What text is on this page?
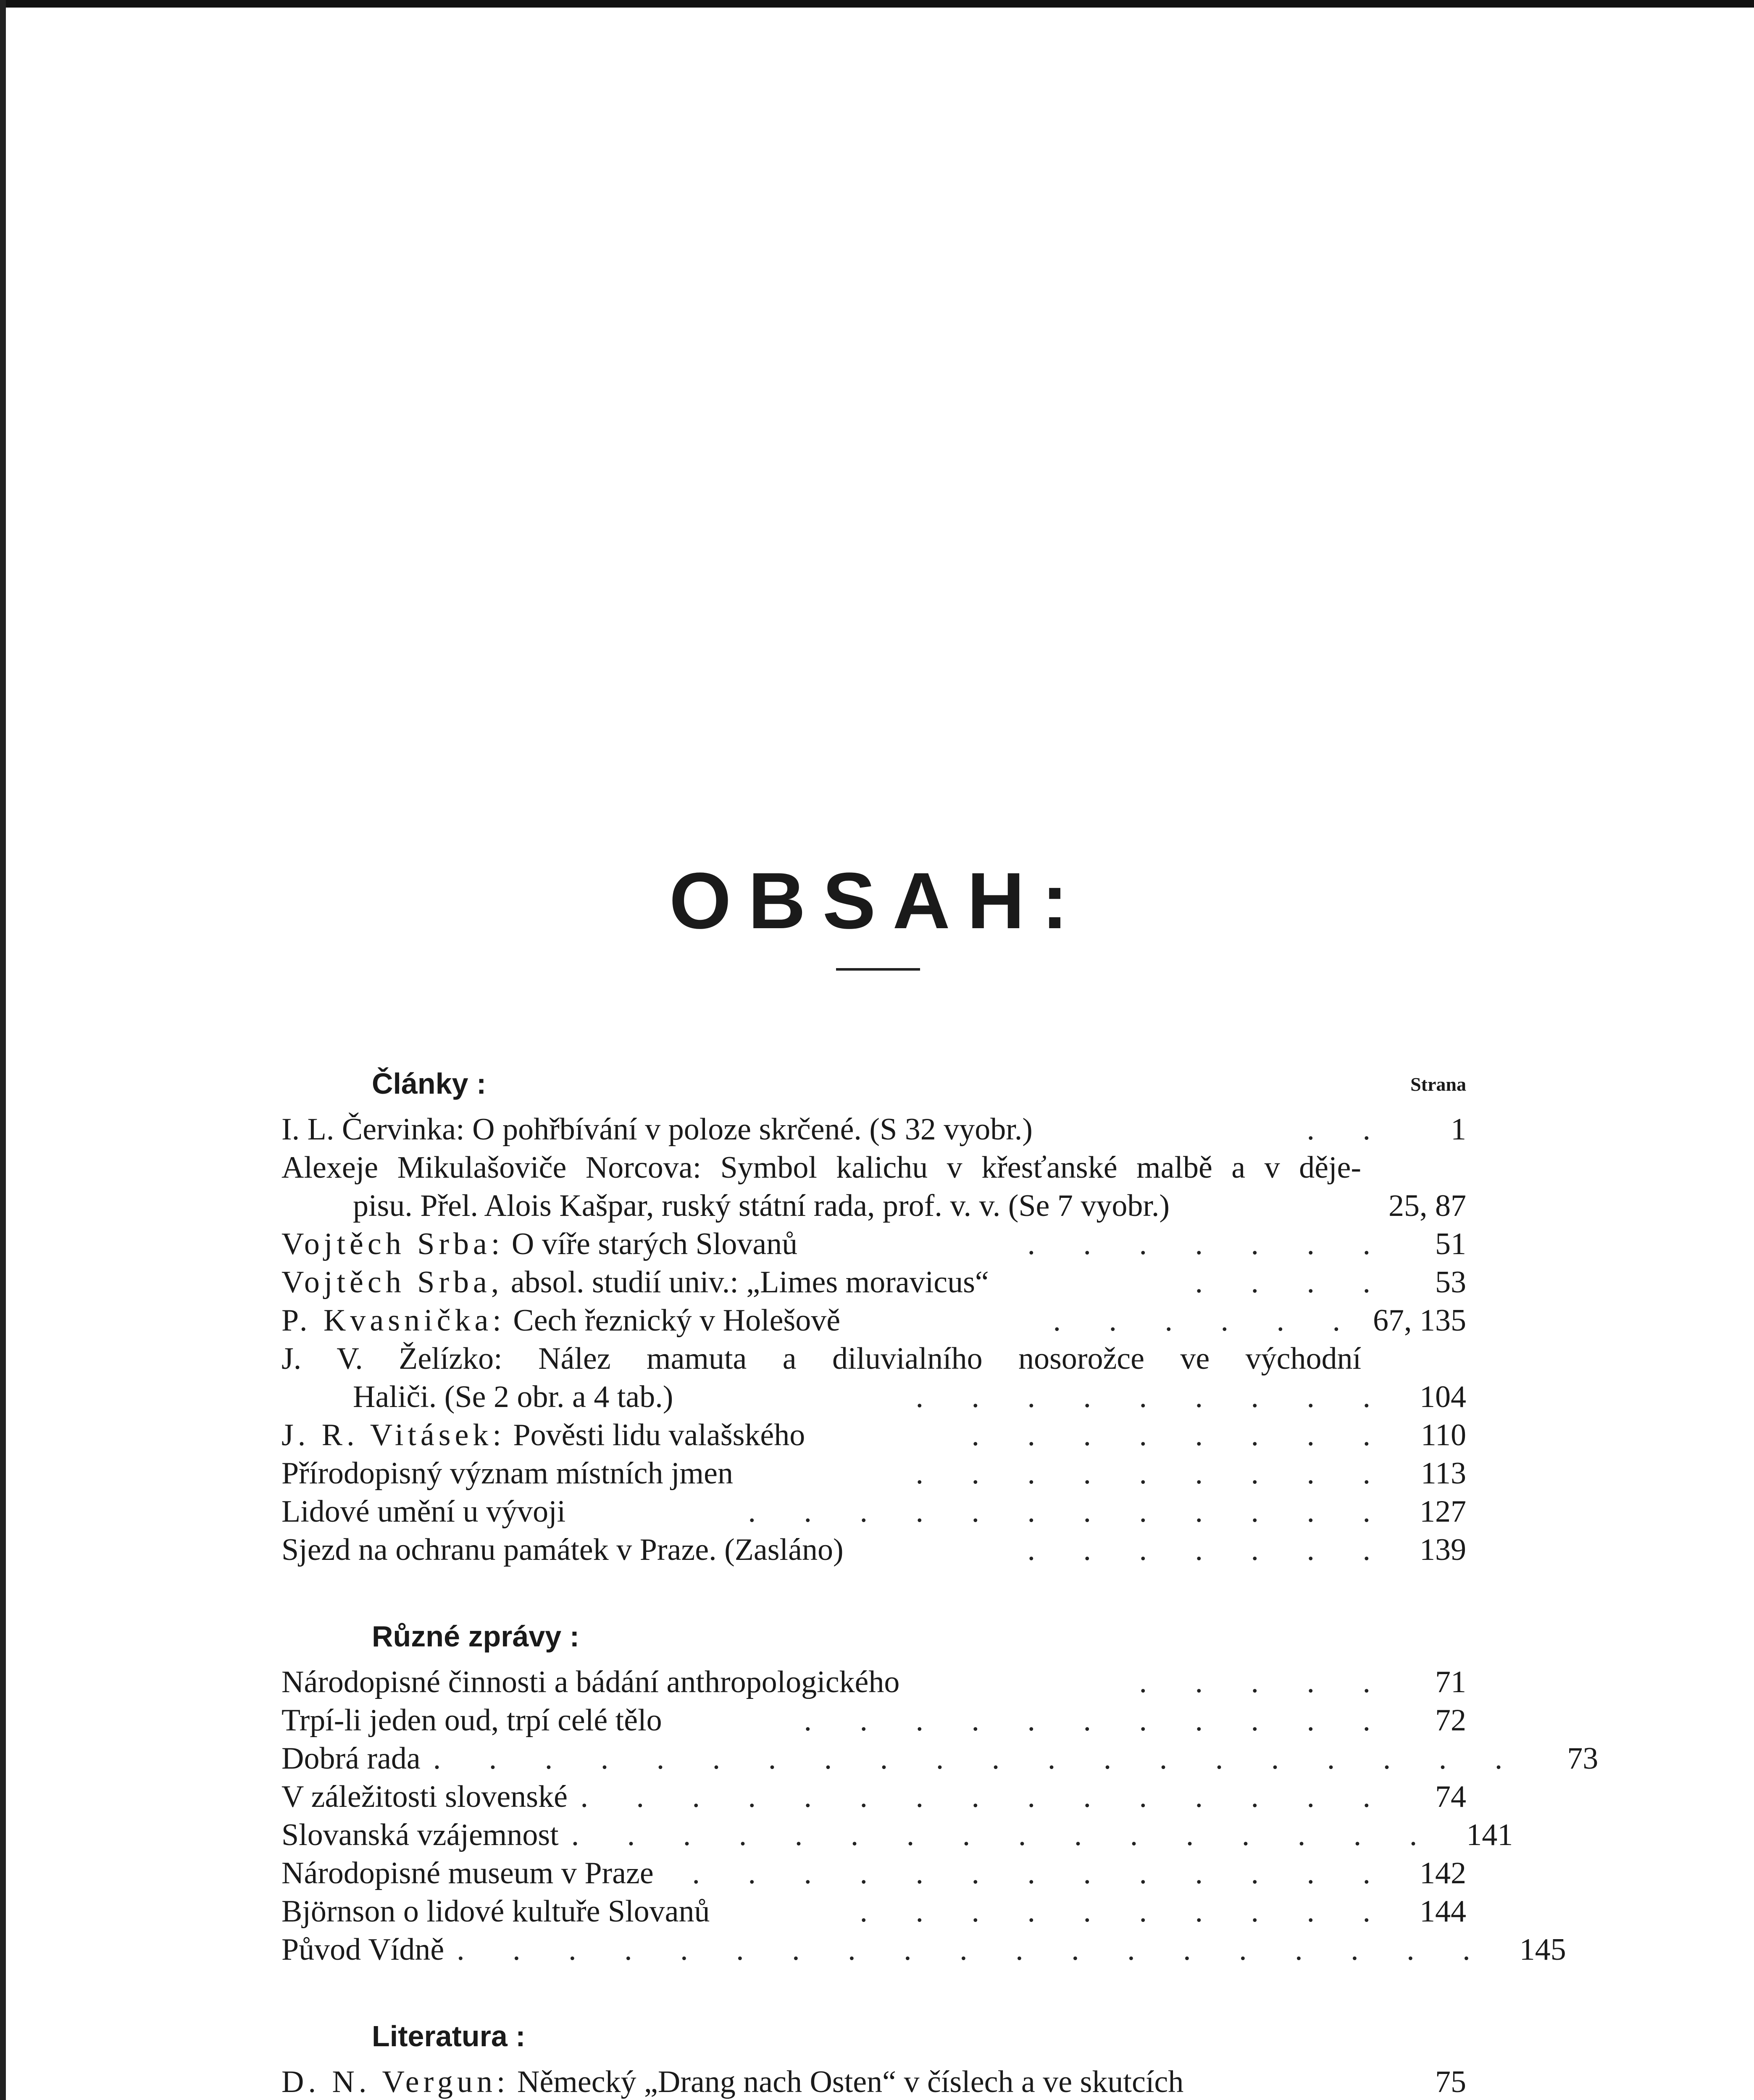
OBSAH:
Články :	Strana
I. L. Červinka: O pohřbívání v poloze skrčené. (S 32 vyobr.)	. .	1
Alexeje Mikulašoviče Norcova: Symbol kalichu v křesťanské malbě a v děje-
pisu. Přel. Alois Kašpar, ruský státní rada, prof. v. v. (Se 7 vyobr.)	25, 87
Vojtěch Srba: O víře starých Slovanů	. . . . . . .	51
Vojtěch Srba, absol. studií univ.: „Limes moravicus“	. . . .	53
P. Kvasnička: Cech řeznický v Holešově	. . . . . . 67, 135
J. V. Želízko: Nález mamuta a diluvialního nosorožce ve východní
Haliči. (Se 2 obr. a 4 tab.)	. . . . . . . . . 104
J. R. Vitásek: Pověsti lidu valašského	. . . . . . . . 110
Přírodopisný význam místních jmen	. . . . . . . . . 113
Lidové umění u vývoji	. . . . . . . . . . . . 127
Sjezd na ochranu památek v Praze. (Zasláno)	. . . . . . . 139
Různé zprávy :
Národopisné činnosti a bádání anthropologického	. . . . .	71
Trpí-li jeden oud, trpí celé tělo	. . . . . . . . . . .	72
Dobrá rada . . . . . . . . . . . . . . . . . . . .	73
V záležitosti slovenské . . . . . . . . . . . . . . .	74
Slovanská vzájemnost . . . . . . . . . . . . . . . . 141
Národopisné museum v Praze	. . . . . . . . . . . . . 142
Björnson o lidové kultuře Slovanů	. . . . . . . . . . 144
Původ Vídně . . . . . . . . . . . . . . . . . . . 145
Literatura :
D. N. Vergun: Německý „Drang nach Osten“ v číslech a ve skutcích	75
